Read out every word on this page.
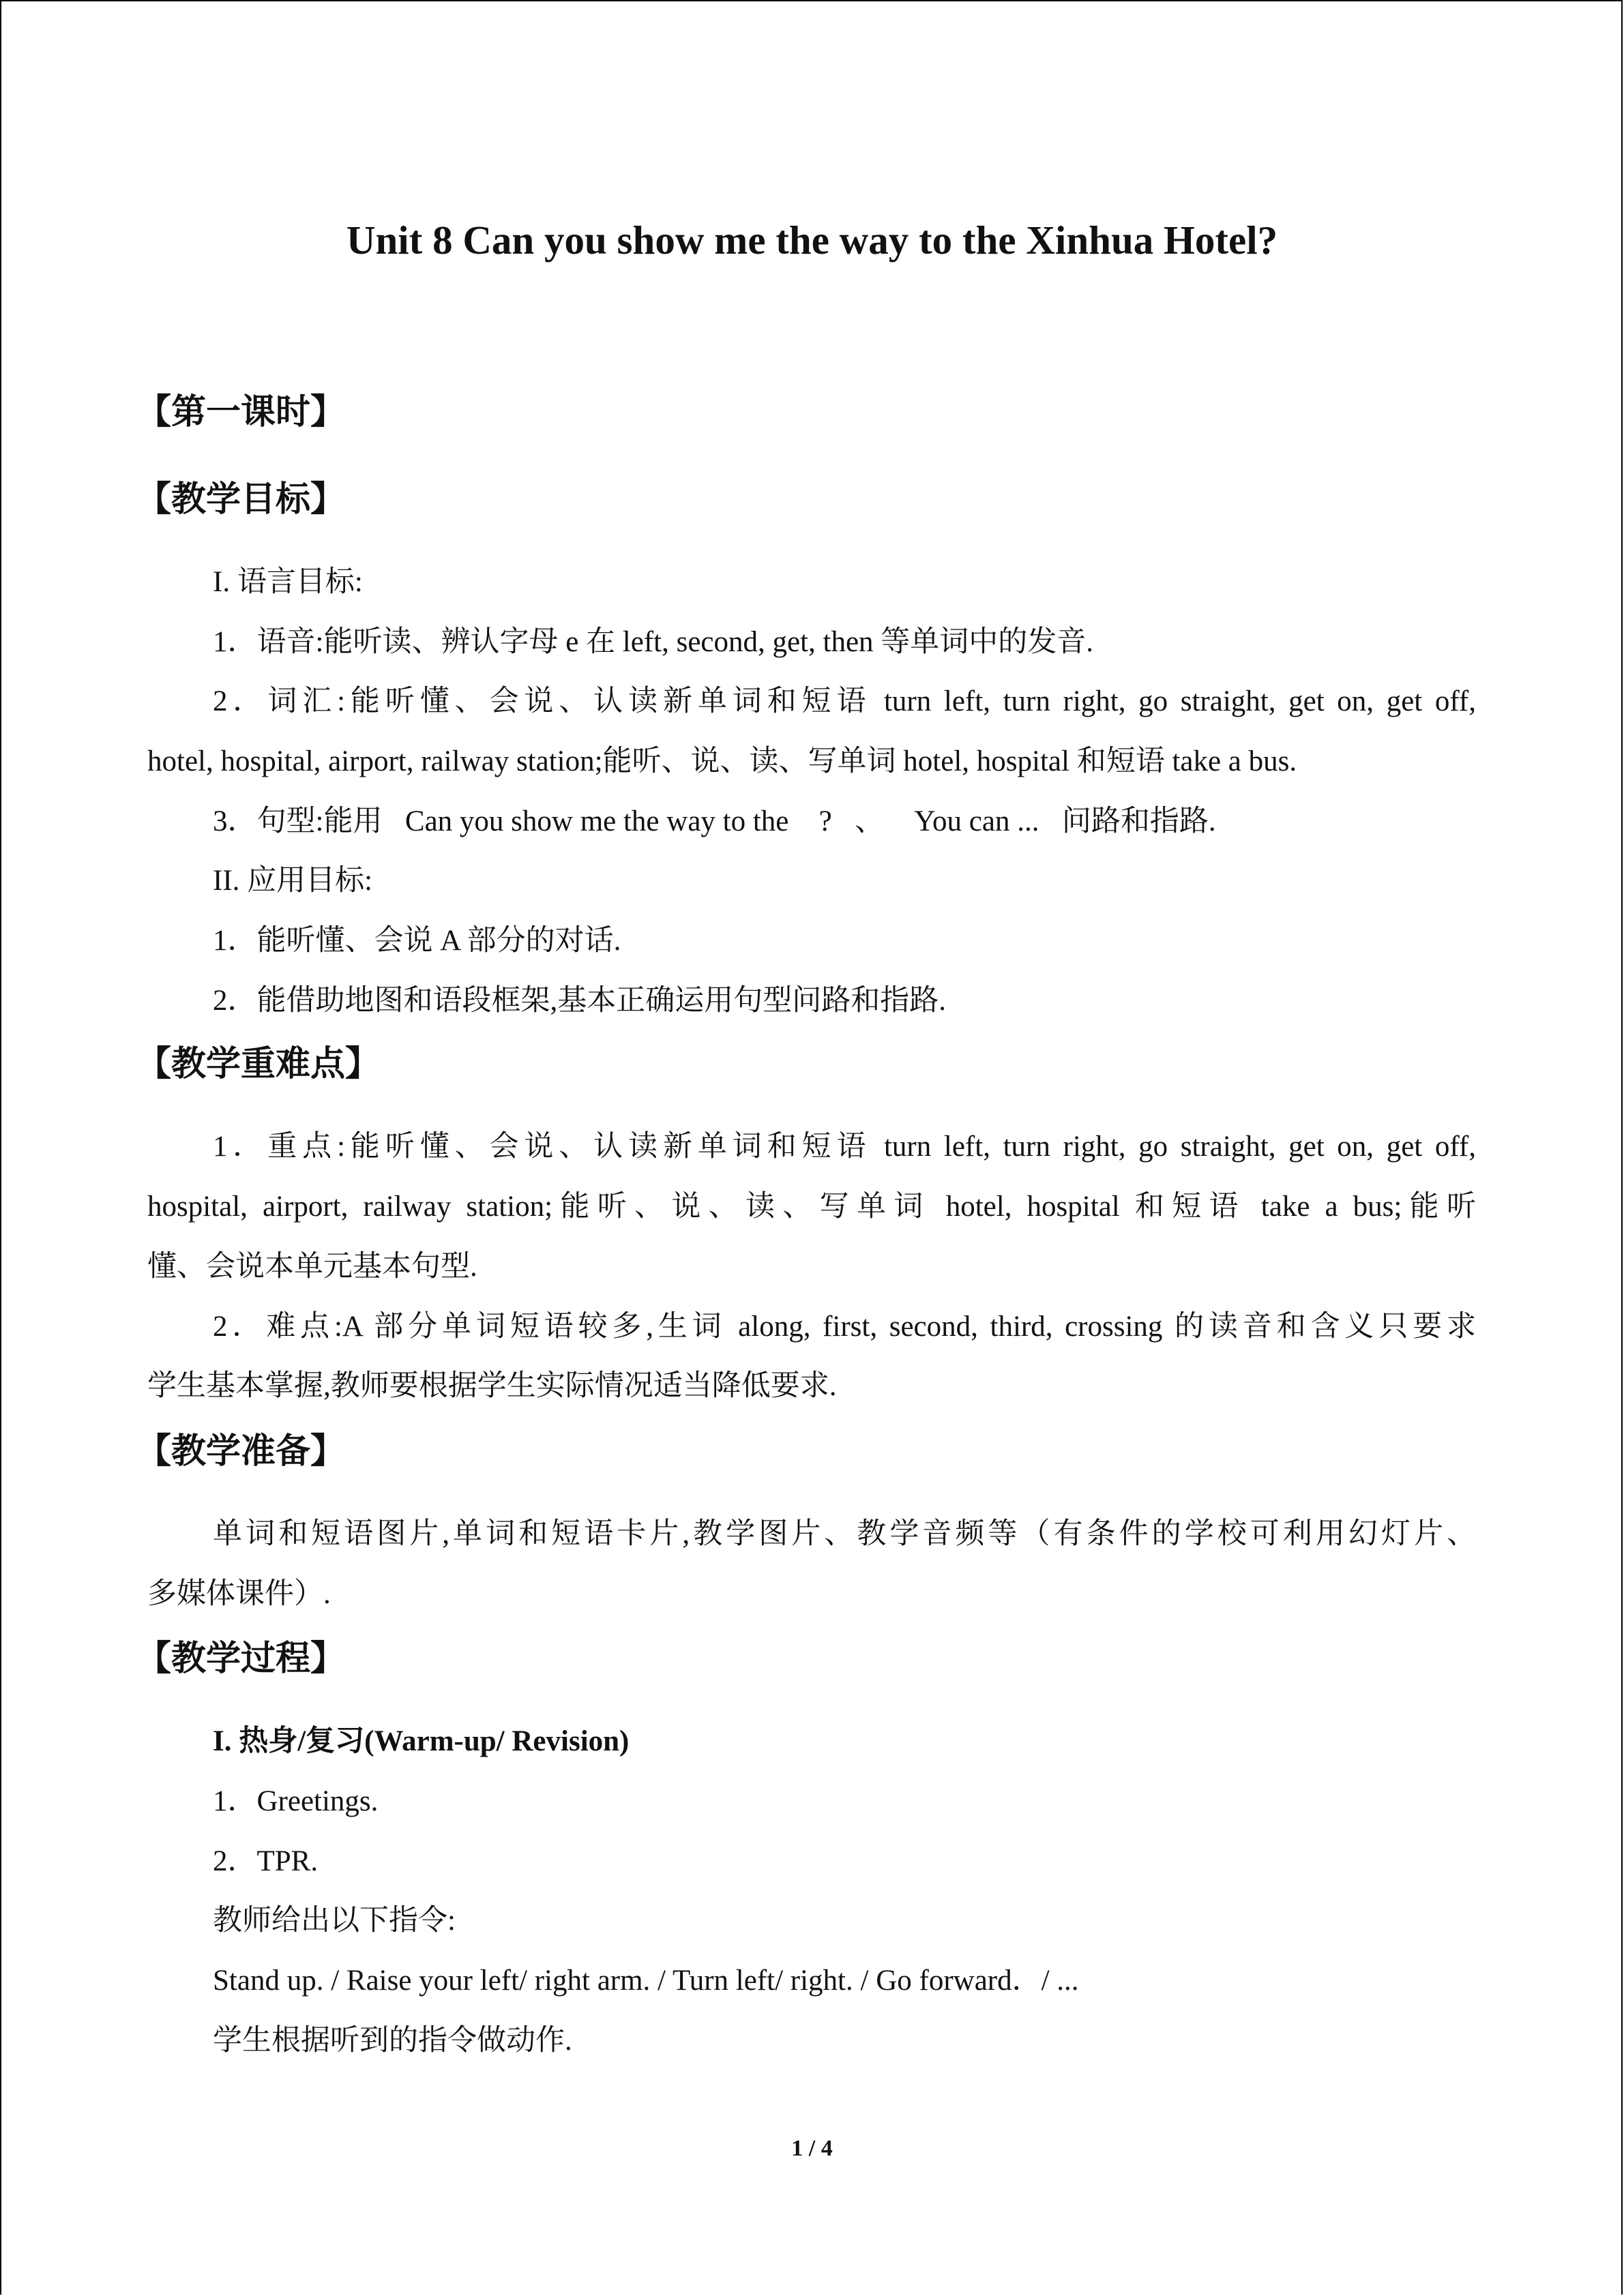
Unit 8 Can you show me the way to the Xinhua Hotel?
【第一课时】
【教学目标】
I. 语言目标:
1．语音:能听读、辨认字母 e 在 left, second, get, then 等单词中的发音.
2．词汇:能听懂、会说、认读新单词和短语 turn left, turn right, go straight, get on, get off,
hotel, hospital, airport, railway station;能听、说、读、写单词 hotel, hospital 和短语 take a bus.
3．句型:能用􀀀Can you show me the way to the 􀀀?􀀀、 􀀀You can ...􀀀问路和指路.
II. 应用目标:
1．能听懂、会说 A 部分的对话.
2．能借助地图和语段框架,基本正确运用句型问路和指路.
【教学重难点】
1．重点:能听懂、会说、认读新单词和短语 turn left, turn right, go straight, get on, get off,
hospital, airport, railway station;能听、说、读、写单词 hotel, hospital 和短语 take a bus;能听
懂、会说本单元基本句型.
2．难点:A 部分单词短语较多,生词 along, first, second, third, crossing 的读音和含义只要求
学生基本掌握,教师要根据学生实际情况适当降低要求.
【教学准备】
单词和短语图片,单词和短语卡片,教学图片、教学音频等（有条件的学校可利用幻灯片、
多媒体课件）.
【教学过程】
I. 热身/复习(Warm-up/ Revision)
1．Greetings.
2．TPR.
教师给出以下指令:
Stand up. / Raise your left/ right arm. / Turn left/ right. / Go forward．/ ...
学生根据听到的指令做动作.
1 / 4
